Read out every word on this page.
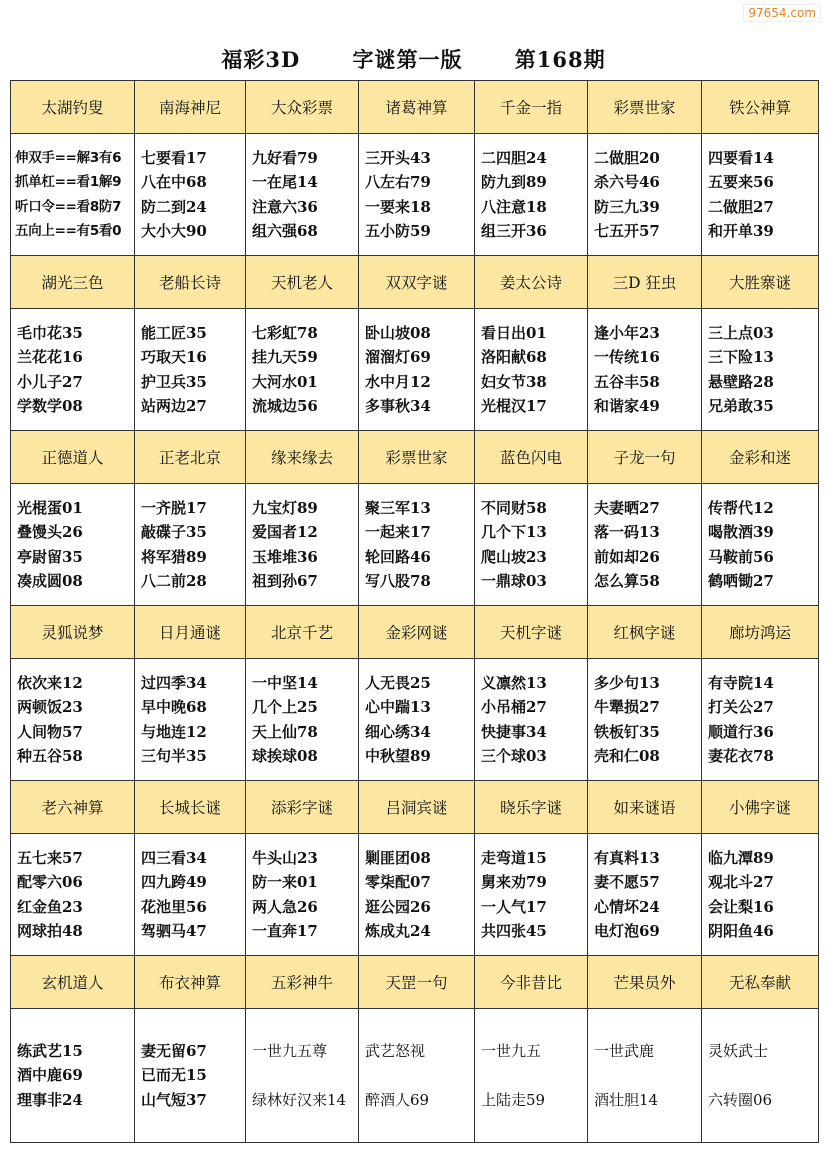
97654.com
福彩3D 字谜第一版 第168期
太湖钓叟	南海神尼	大众彩票	诸葛神算	千金一指	彩票世家	铁公神算

伸双手==解3有6
抓单杠==看1解9
听口令==看8防7
五向上==有5看0	七要看17
八在中68
防二到24
大小大90	九好看79
一在尾14
注意六36
组六强68	三开头43
八左右79
一要来18
五小防59	二四胆24
防九到89
八注意18
组三开36	二做胆20
杀六号46
防三九39
七五开57	四要看14
五要来56
二做胆27
和开单39

湖光三色	老船长诗	天机老人	双双字谜	姜太公诗	三D 狂虫	大胜寨谜

毛巾花35
兰花花16
小儿子27
学数学08	能工匠35
巧取天16
护卫兵35
站两边27	七彩虹78
挂九天59
大河水01
流城边56	卧山坡08
溜溜灯69
水中月12
多事秋34	看日出01
洛阳献68
妇女节38
光棍汉17	逢小年23
一传统16
五谷丰58
和谐家49	三上点03
三下险13
悬壁路28
兄弟敢35

正德道人	正老北京	缘来缘去	彩票世家	蓝色闪电	子龙一句	金彩和迷

光棍蛋01
叠馒头26
亭尉留35
凑成圆08	一齐脱17
敲碟子35
将军猎89
八二前28	九宝灯89
爱国者12
玉堆堆36
祖到孙67	聚三军13
一起来17
轮回路46
写八股78	不同财58
几个下13
爬山坡23
一鼎球03	夫妻晒27
落一码13
前如却26
怎么算58	传帮代12
喝散酒39
马鞍前56
鹤哂锄27

灵狐说梦	日月通谜	北京千艺	金彩网谜	天机字谜	红枫字谜	廊坊鸿运

依次来12
两顿饭23
人间物57
种五谷58	过四季34
早中晚68
与地连12
三句半35	一中坚14
几个上25
天上仙78
球挨球08	人无畏25
心中踹13
细心绣34
中秋望89	义凛然13
小吊桶27
快捷事34
三个球03	多少句13
牛犟损27
铁板钉35
壳和仁08	有寺院14
打关公27
顺道行36
妻花衣78

老六神算	长城长谜	添彩字谜	吕洞宾谜	晓乐字谜	如来谜语	小佛字谜

五七来57
配零六06
红金鱼23
网球拍48	四三看34
四九跨49
花池里56
驾驷马47	牛头山23
防一来01
两人急26
一直奔17	剿匪团08
零柒配07
逛公园26
炼成丸24	走弯道15
舅来劝79
一人气17
共四张45	有真料13
妻不愿57
心情坏24
电灯泡69	临九潭89
观北斗27
会让梨16
阴阳鱼46

玄机道人	布衣神算	五彩神牛	天罡一句	今非昔比	芒果员外	无私奉献

练武艺15
酒中鹿69
理事非24	妻无留67
已而无15
山气短37	一世九五尊

绿林好汉来14	武艺怒视

醉酒人69	一世九五

上陆走59	一世武鹿

酒壮胆14	灵妖武士

六转圈06
